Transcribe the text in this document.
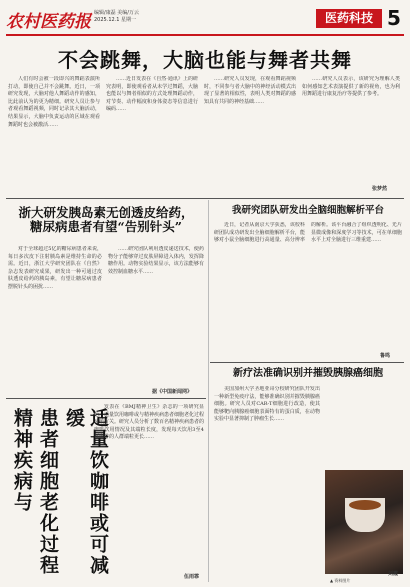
农村医药报 编辑/康磊 美编/万云
2025.12.1 星期一	医药科技 5
不会跳舞，大脑也能与舞者共舞

人们有时会被一段即兴的舞蹈表演所打动，即使自己并不会跳舞。近日，一项研究发现，大脑对他人舞蹈动作的感知，比此前认为的更为精细。研究人员让参与者观看舞蹈视频，同时记录其大脑活动，结果显示，大脑中负责运动的区域在观看舞蹈时也会被激活……

……近日发表在《自然·通讯》上的研究表明，即使观看者从未学过舞蹈，大脑也能以与舞者相似的方式处理舞蹈动作，对节奏、动作幅度和身体姿态等信息进行编码……

……研究人员发现，在观看舞蹈视频时，不同参与者大脑中的神经活动模式出现了显著的相似性，表明人类对舞蹈的感知具有共同的神经基础……

……研究人员表示，该研究为理解人类如何感知艺术表演提供了新的视角，也为利用舞蹈进行康复治疗等提供了参考。

张梦然
浙大研发胰岛素无创透皮给药，
糖尿病患者有望“告别针头”

对于全球超过5亿的糖尿病患者来说，每日多次皮下注射胰岛素是维持生命的必需。近日，浙江大学研究团队在《自然》杂志发表研究成果，研发出一种可通过皮肤透皮给药的胰岛素，有望让糖尿病患者摆脱针头的困扰……

……研究团队利用透皮递送技术，使药物分子能够穿过皮肤屏障进入体内，发挥降糖作用。动物实验结果显示，该方法能够有效控制血糖水平……

据《中国新闻网》
精神疾病与 患者细胞老化过程	适量饮咖啡或可减缓

发表在《BMJ精神卫生》杂志的一项研究显示，适量饮用咖啡或与精神疾病患者细胞老化过程减缓有关。研究人员分析了数百名精神疾病患者的咖啡饮用情况及其端粒长度，发现每天饮用3至4杯咖啡的人群端粒更长……

伍雨霏
我研究团队研发出全脑细胞解析平台

近日，记者从南京大学获悉，该校科研团队成功研发出全脑细胞解析平台，能够对小鼠全脑细胞进行高通量、高分辨率的解析。该平台融合了组织透明化、光片显微成像和深度学习等技术，可在单细胞水平上对全脑进行三维重建……

鲁鸣
新疗法准确识别并摧毁胰腺癌细胞

美国加州大学圣地亚哥分校研究团队开发出一种新型免疫疗法，能够准确识别并摧毁胰腺癌细胞。研究人员对CAR-T细胞进行改造，使其能够靶向胰腺癌细胞表面特有的蛋白质，在动物实验中显著抑制了肿瘤生长……

▲ 资料图片
刘霞
